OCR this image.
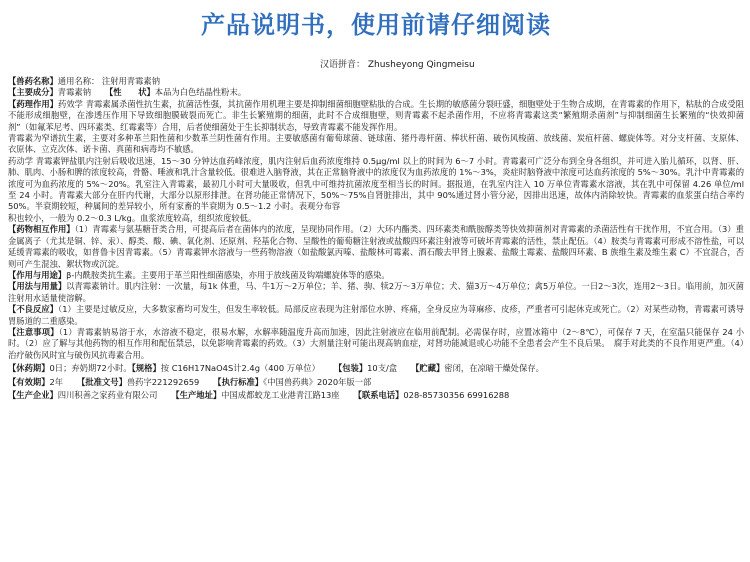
产品说明书，使用前请仔细阅读
汉语拼音： Zhusheyong Qingmeisu

【兽药名称】通用名称： 注射用青霉素钠

【主要成分】青霉素钠 【性　　状】本品为白色结晶性粉末。

【药理作用】药效学 青霉素属杀菌性抗生素，抗菌活性强，其抗菌作用机理主要是抑制细菌细胞壁粘肽的合成。生长期的敏感菌分裂旺盛，细胞壁处于生物合成期，在青霉素的作用下，粘肽的合成受阻不能形成细胞壁，在渗透压作用下导致细胞膜破裂而死亡。非生长繁殖期的细菌，此时不合成细胞壁，则青霉素不起杀菌作用，不应将青霉素这类“繁殖期杀菌剂”与抑制细菌生长繁殖的“快效抑菌剂”（如氟苯尼考、四环素类、红霉素等）合用，后者使细菌处于生长抑制状态，导致青霉素不能发挥作用。

青霉素为窄谱抗生素，主要对多种革兰阳性菌和少数革兰阴性菌有作用。主要敏感菌有葡萄球菌、链球菌、猪丹毒杆菌、棒状杆菌、破伤风梭菌、放线菌、炭疽杆菌、螺旋体等。对分支杆菌、支原体、衣原体、立克次体、诺卡菌、真菌和病毒均不敏感。

药动学 青霉素钾盐肌内注射后吸收迅速，15～30 分钟达血药峰浓度，肌内注射后血药浓度维持 0.5μg/ml 以上的时间为 6～7 小时。青霉素可广泛分布到全身各组织，并可进入胎儿循环，以肾、肝、肺、肌肉、小肠和脾的浓度较高，骨骼、唾液和乳汁含量较低。很难进入脑脊液，其在正常脑脊液中的浓度仅为血药浓度的 1%～3%，炎症时脑脊液中浓度可达血药浓度的 5%～30%。乳汁中青霉素的浓度可为血药浓度的 5%～20%。乳室注入青霉素，最初几小时可大量吸收，但乳中可维持抗菌浓度至相当长的时间。据报道，在乳室内注入 10 万单位青霉素水溶液，其在乳中可保留 4.26 单位/ml 至 24 小时。青霉素大部分在肝内代谢，大部分以原形排泄。在肾功能正常情况下，50%～75%自肾脏排出，其中 90%通过肾小管分泌，因排出迅速，故体内消除较快。青霉素的血浆蛋白结合率约 50%。半衰期较短，种属间的差异较小，所有家畜的半衰期为 0.5～1.2 小时。表观分布容

积也较小，一般为 0.2～0.3 L/kg。血浆浓度较高，组织浓度较低。

【药物相互作用】（1）青霉素与氨基糖苷类合用，可提高后者在菌体内的浓度，呈现协同作用。（2）大环内酯类、四环素类和酰胺醇类等快效抑菌剂对青霉素的杀菌活性有干扰作用，不宜合用。（3）重金属离子（尤其是铜、锌、汞）、醇类、酸、碘、氧化剂、还原剂、羟基化合物、呈酸性的葡萄糖注射液或盐酸四环素注射液等可破坏青霉素的活性，禁止配伍。（4）胺类与青霉素可形成不溶性盐，可以延缓青霉素的吸收，如普鲁卡因青霉素。（5）青霉素钾水溶液与一些药物溶液（如盐酸氯丙嗪、盐酸林可霉素、酒石酸去甲肾上腺素、盐酸土霉素、盐酸四环素、B 族维生素及维生素 C）不宜混合，否则可产生混浊、絮状物或沉淀。

【作用与用途】β-内酰胺类抗生素。主要用于革兰阳性细菌感染，亦用于放线菌及钩端螺旋体等的感染。

【用法与用量】以青霉素钠计。肌内注射：一次量，每1k 体重，马、牛1万～2万单位；羊、猪、驹、犊2万～3万单位；犬、猫3万～4万单位；禽5万单位。一日2～3次，连用2～3日。临用前，加灭菌注射用水适量使溶解。

【不良反应】（1）主要是过敏反应，大多数家畜均可发生，但发生率较低。局部反应表现为注射部位水肿、疼痛，全身反应为荨麻疹、皮疹，严重者可引起休克或死亡。（2）对某些动物，青霉素可诱导胃肠道的二重感染。

【注意事项】（1）青霉素钠易溶于水，水溶液不稳定，很易水解，水解率随温度升高而加速，因此注射液应在临用前配制。必需保存时，应置冰箱中（2～8℃），可保存 7 天，在室温只能保存 24 小时。（2）应了解与其他药物的相互作用和配伍禁忌，以免影响青霉素的药效。（3）大剂量注射可能出现高钠血症，对肾功能减退或心功能不全患者会产生不良后果。　腐手对此类的不良作用更严重。（4）治疗破伤风时宜与破伤风抗毒素合用。

【休药期】0日；弃奶期72小时。【规格】按 C16H17NaO4S计2.4g（400 万单位） 【包装】10支/盒 【贮藏】密闭，在凉暗干燥处保存。

【有效期】2年 【批准文号】兽药字221292659 【执行标准】《中国兽药典》2020年版一部

【生产企业】四川积善之家药业有限公司 【生产地址】中国成都蛟龙工业港青江路13座 【联系电话】028-85730356 69916288
